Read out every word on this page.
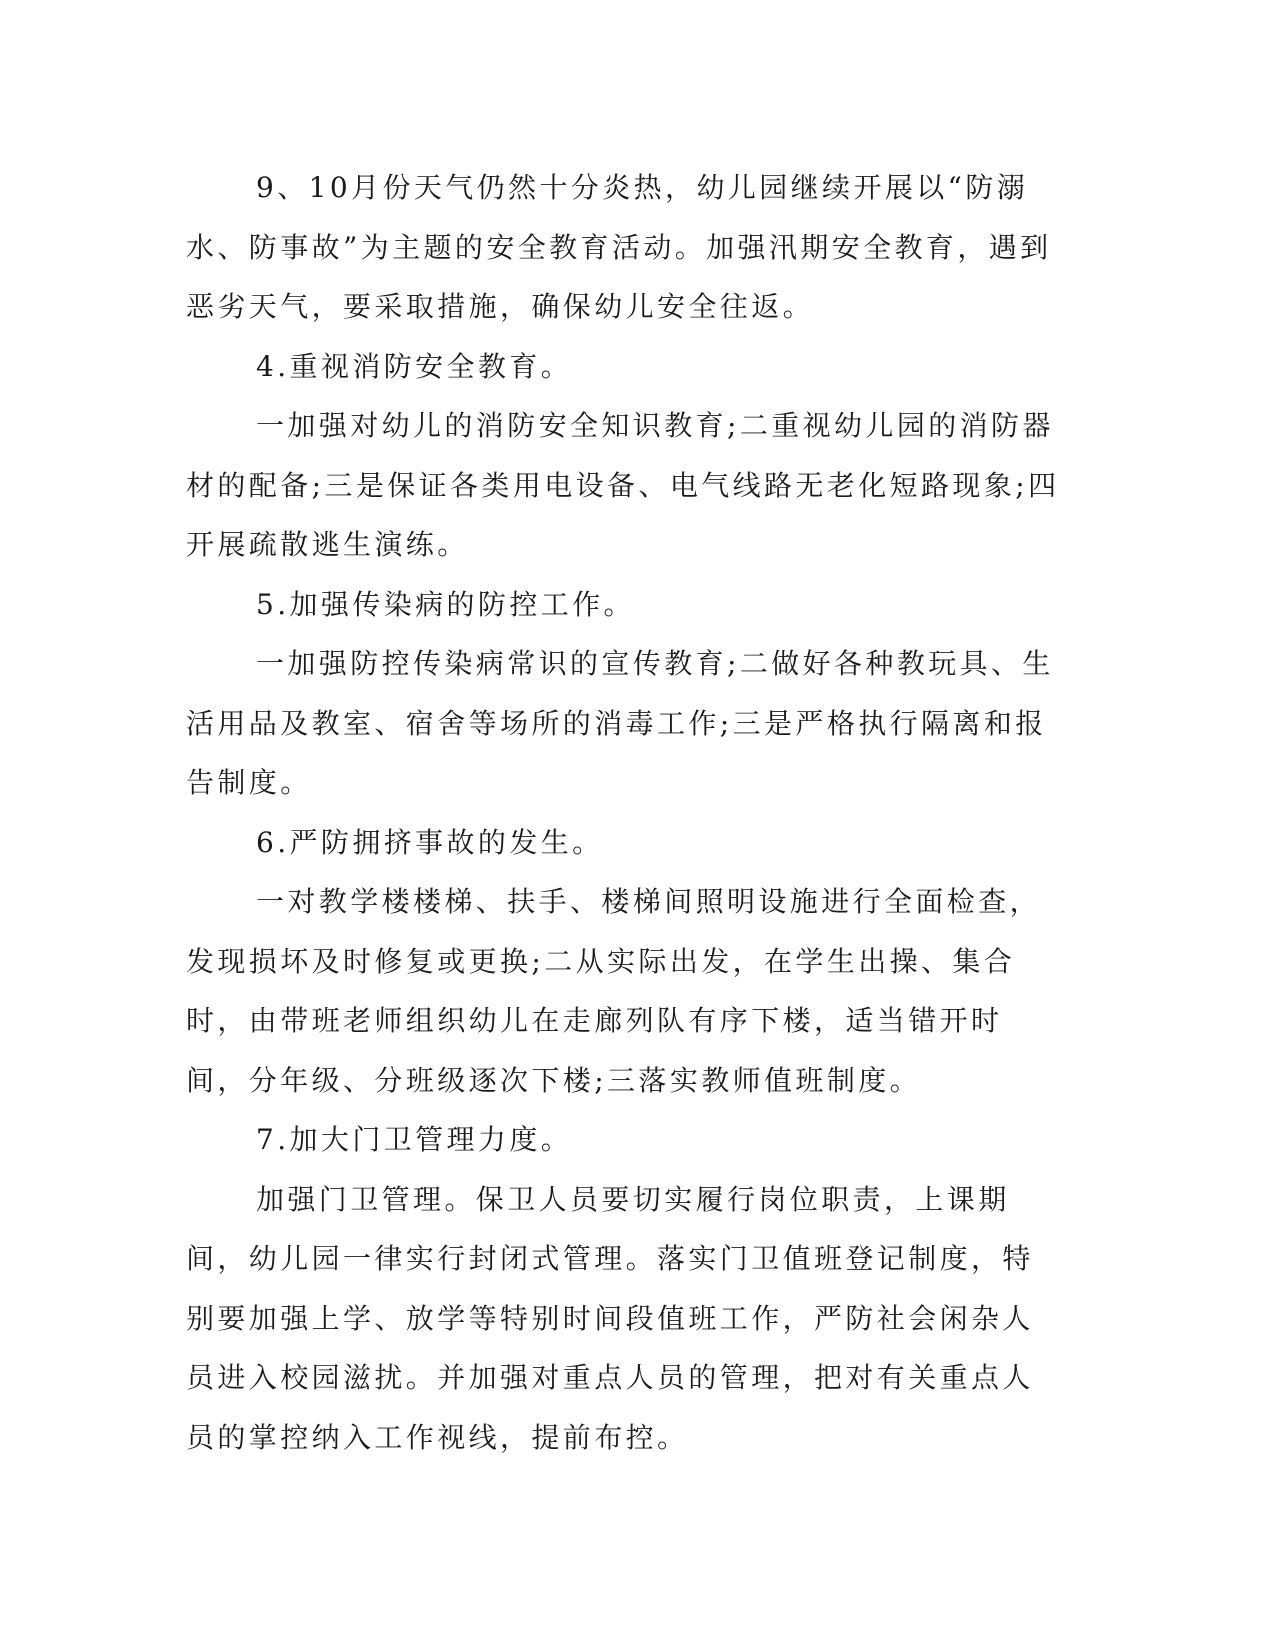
9、10月份天气仍然十分炎热，幼儿园继续开展以“防溺水、防事故”为主题的安全教育活动。加强汛期安全教育，遇到恶劣天气，要采取措施，确保幼儿安全往返。

4.重视消防安全教育。

一加强对幼儿的消防安全知识教育;二重视幼儿园的消防器材的配备;三是保证各类用电设备、电气线路无老化短路现象;四开展疏散逃生演练。

5.加强传染病的防控工作。

一加强防控传染病常识的宣传教育;二做好各种教玩具、生活用品及教室、宿舍等场所的消毒工作;三是严格执行隔离和报告制度。

6.严防拥挤事故的发生。

一对教学楼楼梯、扶手、楼梯间照明设施进行全面检查，发现损坏及时修复或更换;二从实际出发，在学生出操、集合时，由带班老师组织幼儿在走廊列队有序下楼，适当错开时间，分年级、分班级逐次下楼;三落实教师值班制度。

7.加大门卫管理力度。

加强门卫管理。保卫人员要切实履行岗位职责，上课期间，幼儿园一律实行封闭式管理。落实门卫值班登记制度，特别要加强上学、放学等特别时间段值班工作，严防社会闲杂人员进入校园滋扰。并加强对重点人员的管理，把对有关重点人员的掌控纳入工作视线，提前布控。
